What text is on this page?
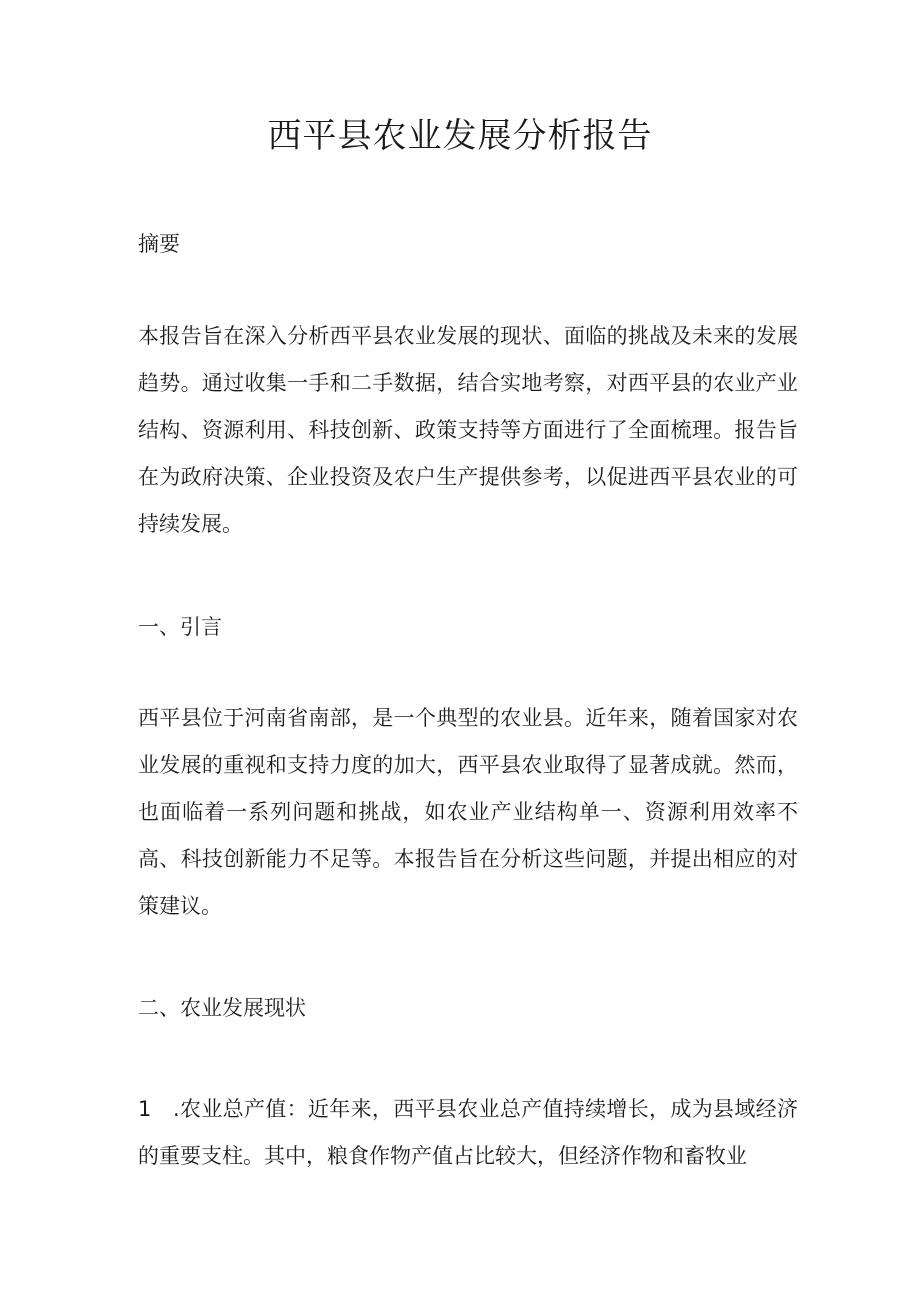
西平县农业发展分析报告
摘要

本报告旨在深入分析西平县农业发展的现状、面临的挑战及未来的发展趋势。通过收集一手和二手数据，结合实地考察，对西平县的农业产业结构、资源利用、科技创新、政策支持等方面进行了全面梳理。报告旨在为政府决策、企业投资及农户生产提供参考，以促进西平县农业的可持续发展。

一、引言

西平县位于河南省南部，是一个典型的农业县。近年来，随着国家对农业发展的重视和支持力度的加大，西平县农业取得了显著成就。然而，也面临着一系列问题和挑战，如农业产业结构单一、资源利用效率不高、科技创新能力不足等。本报告旨在分析这些问题，并提出相应的对策建议。

二、农业发展现状

1　.农业总产值：近年来，西平县农业总产值持续增长，成为县域经济的重要支柱。其中，粮食作物产值占比较大，但经济作物和畜牧业
